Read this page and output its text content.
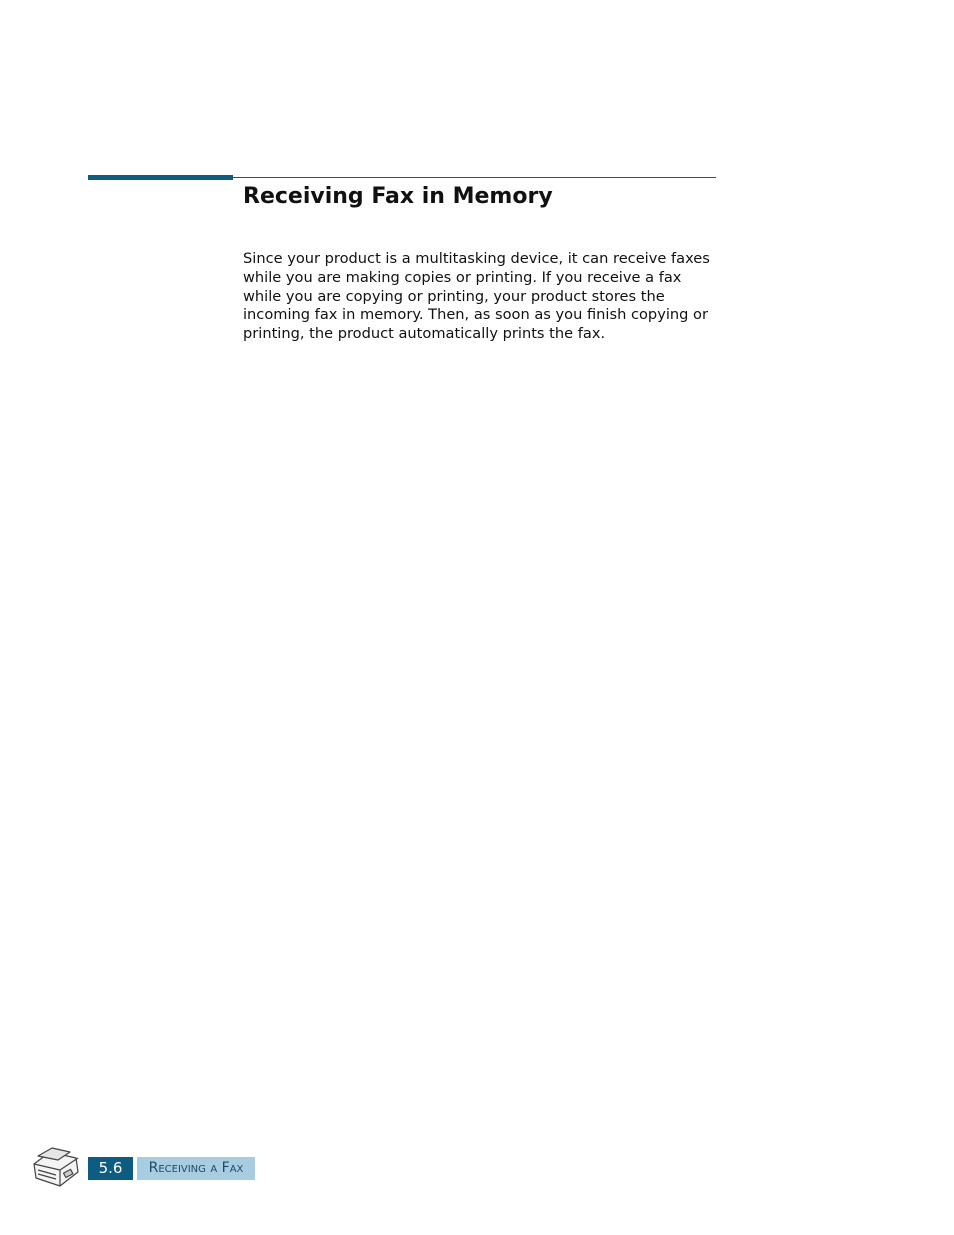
Receiving Fax in Memory

Since your product is a multitasking device, it can receive faxes while you are making copies or printing. If you receive a fax while you are copying or printing, your product stores the incoming fax in memory. Then, as soon as you finish copying or printing, the product automatically prints the fax.

5.6	Receiving a Fax
